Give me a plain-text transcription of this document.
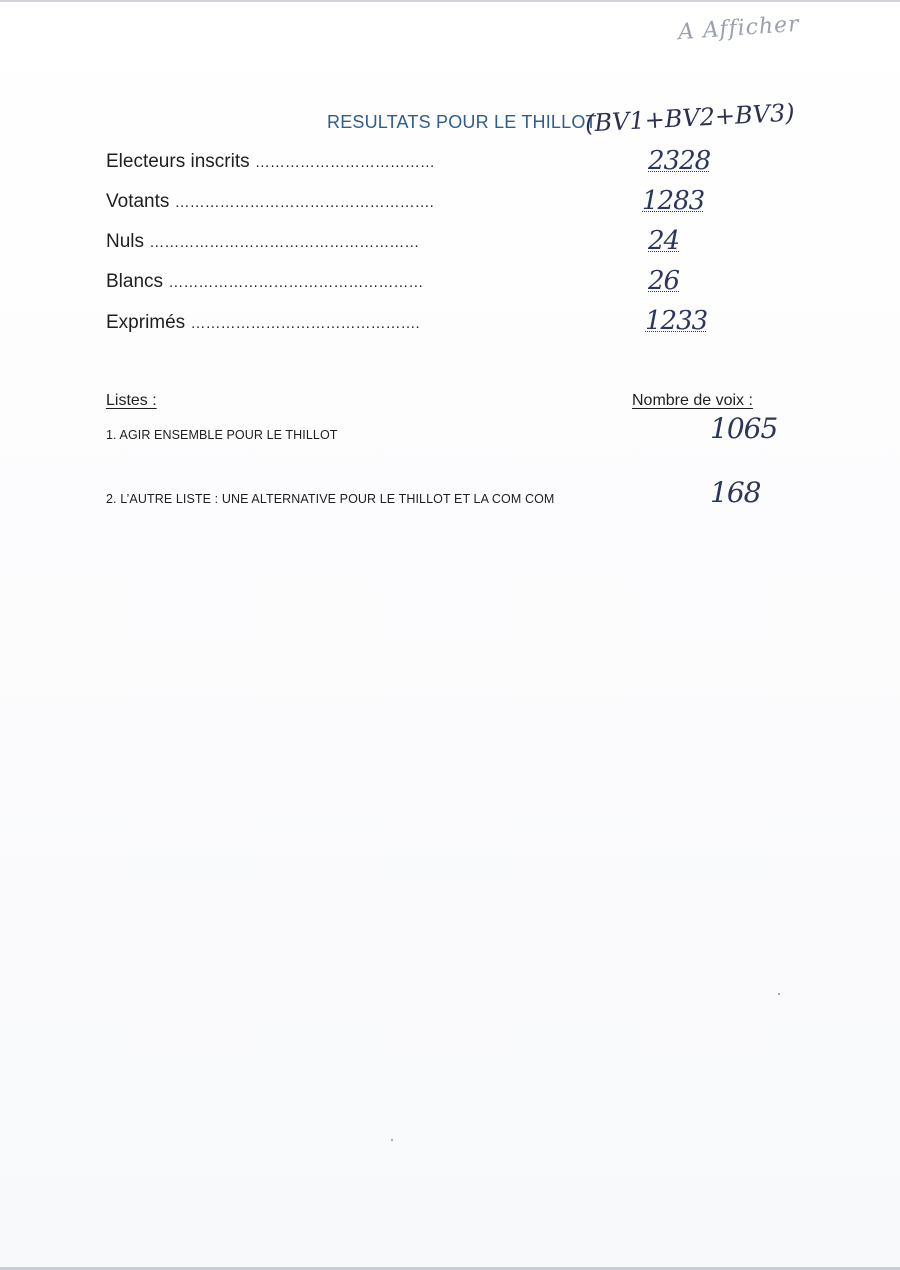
A Afficher
RESULTATS POUR LE THILLOT
(BV1+BV2+BV3)
Electeurs inscrits ………………………………	2328
Votants …………………………………………….	1283
Nuls ………………………………………………	24
Blancs ……………………………………………	26
Exprimés ……………………………………….	1233
Listes :	Nombre de voix :
1. AGIR ENSEMBLE POUR LE THILLOT	1065
2. L’AUTRE LISTE : UNE ALTERNATIVE POUR LE THILLOT ET LA COM COM	168
